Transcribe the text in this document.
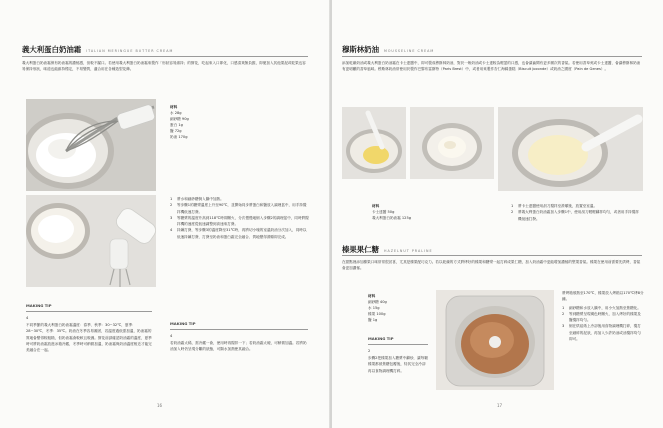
義大利蛋白奶油霜 ITALIAN MERINGUE BUTTER CREAM
義大利蛋白奶油霜保有奶油霜的濃郁感，但較不膩口。若使用義大利蛋白奶油霜來製作「形狀容易維持」的擠花，吃起來入口即化，口感清爽無負擔，即便加入其他果泥或乾果也容易保持形狀，味道也能維持穩定，不易變質，適合用在各種造型花飾。
材料
水 28g
細砂糖 90g
蛋白 1g
鹽 72g
奶油 170g
1	將水和細砂糖倒入鍋中加熱。
2	等步驟1的糖漿溫度上升至90℃，並開始同步將蛋白和鹽放入調理盆中，用手持攪拌機低速打發。
3	等糖漿的溫度升高到118℃時即關火，分次慢慢地倒入步驟2的調理盆中，同時將攪拌機的速度從低速調整到高速來打發。
4	持續打發，等步驟3的溫度降至31℃時，再將切小塊的室溫奶油分次加入，同時以低速持續打發，打發至奶油和蛋白霜完全融合、質地變得滑順即完成。
MAKING TIP
4
不同季節的義大利蛋白奶油霜溫度：春季、秋季：30~32℃，夏季：28~30℃，冬季：35℃。奶油在冬季容易凝固，若溫度過低需加溫，奶油霜的質地會變得較粗糙，但奶油霜會較軟且較濕。擠花前請確認奶油霜的溫度，夏季時可將奶油霜放進冰箱冷藏，冬季時可稍微加溫，奶油霜與奶油溫度相近才能完美融合在一起。
MAKING TIP
4
若奶油霜太稀，需冷藏一會，使用時再攪拌一下；若奶油霜太硬，可稍微加溫。若將奶油加入時仍呈現分離的狀態，可隔水加熱使其融合。
16
穆斯林奶油 MOUSSELINE CREAM
添加乾燥奶油或義大利蛋白奶油霜在卡士達醬中，即可製成穆斯林奶油，對於一般奶油或卡士達較為輕盈的口感，也會讓齒間有更多層次的香氣。若使用香草莢或卡士達醬，會讓穆斯林奶油有更明顯的香草風味。穆斯林奶油常使用於製作巴黎布雷斯特（Paris Brest）中，或者用來製作杏仁海綿蛋糕（Biscuit Joconde）或奶油之國度（Pain de Genes）。
材料
卡士達醬 50g
義大利蛋白奶油霜 125g
1	將卡士達醬使用刮刀攪拌至滑順後，放置至室溫。
2	將義大利蛋白奶油霜加入步驟1中，使用刮刀輕輕翻拌均勻，或者用手持攪拌機低速打發。
榛果果仁糖 HAZELNUT PRALINE
在甜點裡添加榛果口味常常很討喜，尤其是榛果配巧克力。若以乾燥的方式將烤好的榛果和糖漿一起打碎成果仁糖，加入奶油霜中更能增加濃郁的堅果香氣。榛果在使用前需要先烘烤，香氣會更加濃郁。
材料
細砂糖 40g
水 15g
榛果 100g
鹽 1g
MAKING TIP
2
步驟2把榛果加入糖漿中翻炒，讓每顆榛果都被焦糖包覆後，待其完全冷卻再以食物調理機打碎。
將烤箱預熱至170℃，榛果放入烤箱以170℃烤8分鐘。
1	細砂糖和水放入鍋中，用小火加熱至焦糖化。
2	等到糖漿呈現褐色時關火，加入烤好的榛果及鹽攪拌均勻。
3	倒在烘焙紙上冷卻後用食物調理機打碎，攪打至細碎的泥狀，再加入少許奶油或油攪拌均勻即可。
17
